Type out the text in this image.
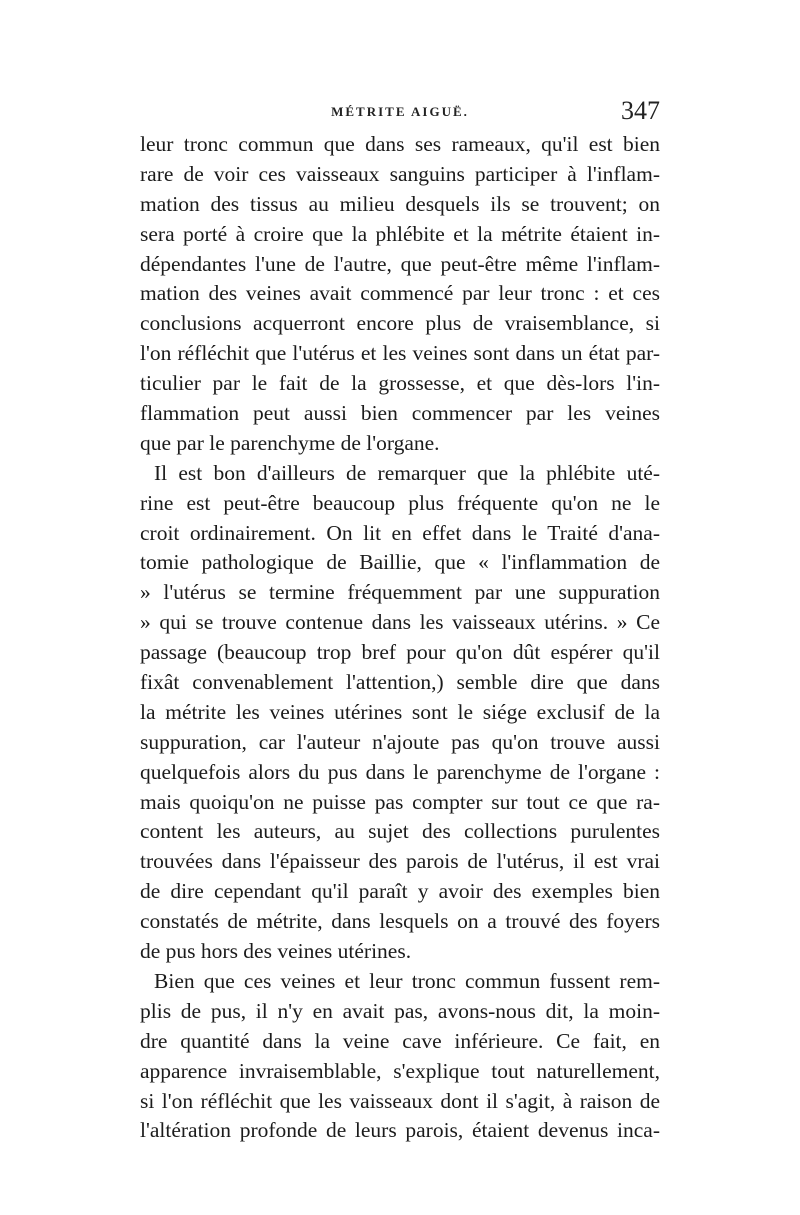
MÉTRITE AIGUË.	347
leur tronc commun que dans ses rameaux, qu'il est bien
rare de voir ces vaisseaux sanguins participer à l'inflam-
mation des tissus au milieu desquels ils se trouvent; on
sera porté à croire que la phlébite et la métrite étaient in-
dépendantes l'une de l'autre, que peut-être même l'inflam-
mation des veines avait commencé par leur tronc : et ces
conclusions acquerront encore plus de vraisemblance, si
l'on réfléchit que l'utérus et les veines sont dans un état par-
ticulier par le fait de la grossesse, et que dès-lors l'in-
flammation peut aussi bien commencer par les veines
que par le parenchyme de l'organe.
Il est bon d'ailleurs de remarquer que la phlébite uté-
rine est peut-être beaucoup plus fréquente qu'on ne le
croit ordinairement. On lit en effet dans le Traité d'ana-
tomie pathologique de Baillie, que « l'inflammation de
» l'utérus se termine fréquemment par une suppuration
» qui se trouve contenue dans les vaisseaux utérins. » Ce
passage (beaucoup trop bref pour qu'on dût espérer qu'il
fixât convenablement l'attention,) semble dire que dans
la métrite les veines utérines sont le siége exclusif de la
suppuration, car l'auteur n'ajoute pas qu'on trouve aussi
quelquefois alors du pus dans le parenchyme de l'organe :
mais quoiqu'on ne puisse pas compter sur tout ce que ra-
content les auteurs, au sujet des collections purulentes
trouvées dans l'épaisseur des parois de l'utérus, il est vrai
de dire cependant qu'il paraît y avoir des exemples bien
constatés de métrite, dans lesquels on a trouvé des foyers
de pus hors des veines utérines.
Bien que ces veines et leur tronc commun fussent rem-
plis de pus, il n'y en avait pas, avons-nous dit, la moin-
dre quantité dans la veine cave inférieure. Ce fait, en
apparence invraisemblable, s'explique tout naturellement,
si l'on réfléchit que les vaisseaux dont il s'agit, à raison de
l'altération profonde de leurs parois, étaient devenus inca-
